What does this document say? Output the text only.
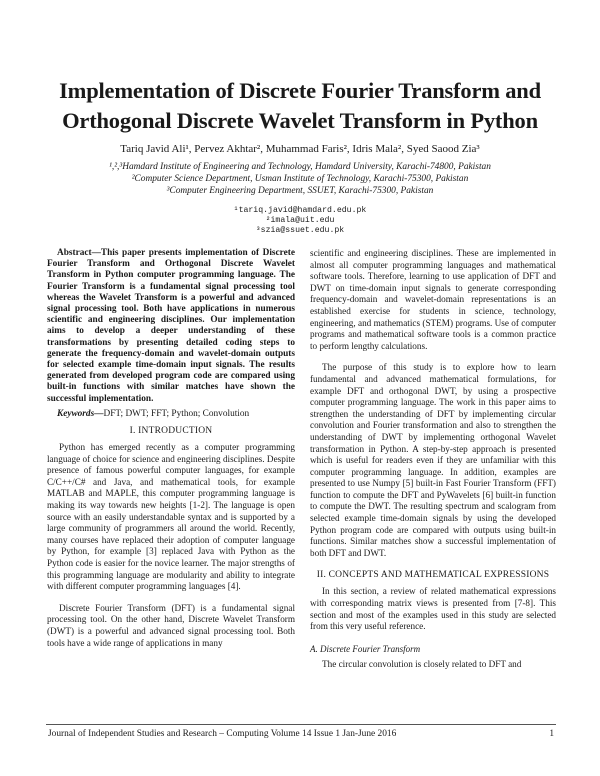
Implementation of Discrete Fourier Transform and
Orthogonal Discrete Wavelet Transform in Python
Tariq Javid Ali¹, Pervez Akhtar², Muhammad Faris², Idris Mala², Syed Saood Zia³
¹,²,³Hamdard Institute of Engineering and Technology, Hamdard University, Karachi-74800, Pakistan
²Computer Science Department, Usman Institute of Technology, Karachi-75300, Pakistan
³Computer Engineering Department, SSUET, Karachi-75300, Pakistan
¹tariq.javid@hamdard.edu.pk
²imala@uit.edu
³szia@ssuet.edu.pk

Abstract—This paper presents implementation of Discrete Fourier Transform and Orthogonal Discrete Wavelet Transform in Python computer programming language. The Fourier Transform is a fundamental signal processing tool whereas the Wavelet Transform is a powerful and advanced signal processing tool. Both have applications in numerous scientific and engineering disciplines. Our implementation aims to develop a deeper understanding of these transformations by presenting detailed coding steps to generate the frequency-domain and wavelet-domain outputs for selected example time-domain input signals. The results generated from developed program code are compared using built-in functions with similar matches have shown the successful implementation.

Keywords—DFT; DWT; FFT; Python; Convolution

I. INTRODUCTION

Python has emerged recently as a computer programming language of choice for science and engineering disciplines. Despite presence of famous powerful computer languages, for example C/C++/C# and Java, and mathematical tools, for example MATLAB and MAPLE, this computer programming language is making its way towards new heights [1-2]. The language is open source with an easily understandable syntax and is supported by a large community of programmers all around the world. Recently, many courses have replaced their adoption of computer language by Python, for example [3] replaced Java with Python as the Python code is easier for the novice learner. The major strengths of this programming language are modularity and ability to integrate with different computer programming languages [4].

Discrete Fourier Transform (DFT) is a fundamental signal processing tool. On the other hand, Discrete Wavelet Transform (DWT) is a powerful and advanced signal processing tool. Both tools have a wide range of applications in many

scientific and engineering disciplines. These are implemented in almost all computer programming languages and mathematical software tools. Therefore, learning to use application of DFT and DWT on time-domain input signals to generate corresponding frequency-domain and wavelet-domain representations is an established exercise for students in science, technology, engineering, and mathematics (STEM) programs. Use of computer programs and mathematical software tools is a common practice to perform lengthy calculations.

The purpose of this study is to explore how to learn fundamental and advanced mathematical formulations, for example DFT and orthogonal DWT, by using a prospective computer programming language. The work in this paper aims to strengthen the understanding of DFT by implementing circular convolution and Fourier transformation and also to strengthen the understanding of DWT by implementing orthogonal Wavelet transformation in Python. A step-by-step approach is presented which is useful for readers even if they are unfamiliar with this computer programming language. In addition, examples are presented to use Numpy [5] built-in Fast Fourier Transform (FFT) function to compute the DFT and PyWavelets [6] built-in function to compute the DWT. The resulting spectrum and scalogram from selected example time-domain signals by using the developed Python program code are compared with outputs using built-in functions. Similar matches show a successful implementation of both DFT and DWT.

II. CONCEPTS AND MATHEMATICAL EXPRESSIONS

In this section, a review of related mathematical expressions with corresponding matrix views is presented from [7-8]. This section and most of the examples used in this study are selected from this very useful reference.

A. Discrete Fourier Transform

The circular convolution is closely related to DFT and

Journal of Independent Studies and Research – Computing Volume 14 Issue 1 Jan-June 2016	1
